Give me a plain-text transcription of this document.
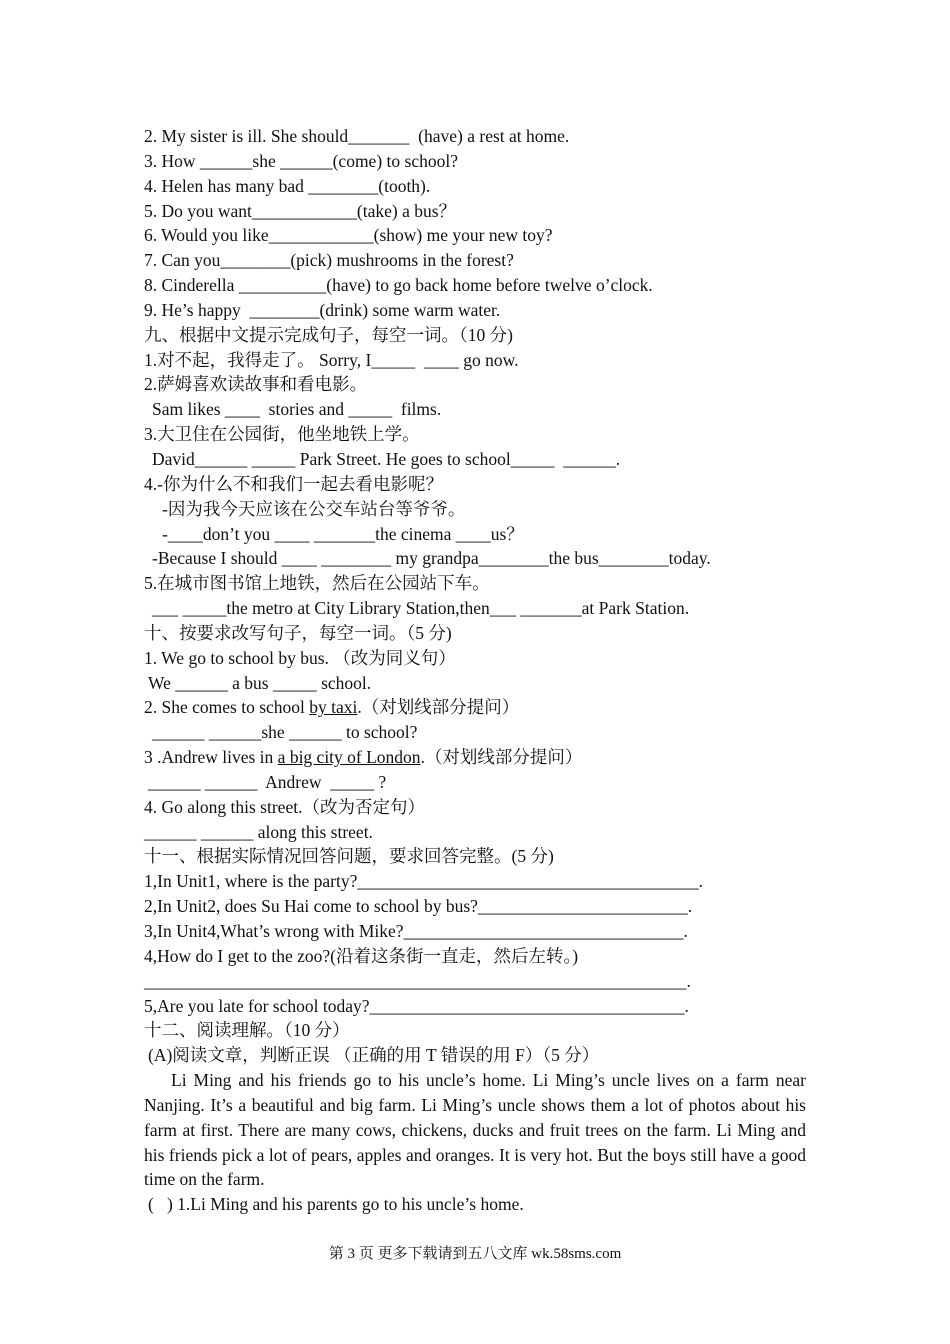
2. My sister is ill. She should_______  (have) a rest at home.
3. How ______she ______(come) to school?
4. Helen has many bad ________(tooth).
5. Do you want____________(take) a bus？
6. Would you like____________(show) me your new toy?
7. Can you________(pick) mushrooms in the forest?
8. Cinderella __________(have) to go back home before twelve o’clock.
9. He’s happy  ________(drink) some warm water.
九、根据中文提示完成句子，每空一词。（10 分)
1.对不起，我得走了。 Sorry, I_____  ____ go now.
2.萨姆喜欢读故事和看电影。
Sam likes ____  stories and _____  films.
3.大卫住在公园街，他坐地铁上学。
David______ _____ Park Street. He goes to school_____  ______.
4.-你为什么不和我们一起去看电影呢？
-因为我今天应该在公交车站台等爷爷。
-____don’t you ____ _______the cinema ____us？
-Because I should ____ ________ my grandpa________the bus________today.
5.在城市图书馆上地铁，然后在公园站下车。
___ _____the metro at City Library Station,then___ _______at Park Station.
十、按要求改写句子，每空一词。（5 分)
1. We go to school by bus. （改为同义句）
We ______ a bus _____ school.
2. She comes to school by taxi.（对划线部分提问）
______ ______she ______ to school?
3 .Andrew lives in a big city of London.（对划线部分提问）
______ ______  Andrew  _____ ?
4. Go along this street.（改为否定句）
______ ______ along this street.
十一、根据实际情况回答问题，要求回答完整。(5 分)
1,In Unit1, where is the party?_______________________________________.
2,In Unit2, does Su Hai come to school by bus?________________________.
3,In Unit4,What’s wrong with Mike?________________________________.
4,How do I get to the zoo?(沿着这条街一直走，然后左转。)
______________________________________________________________.
5,Are you late for school today?____________________________________.
十二、阅读理解。（10 分）
(A)阅读文章，判断正误 （正确的用 T 错误的用 F）（5 分）

Li Ming and his friends go to his uncle’s home. Li Ming’s uncle lives on a farm near Nanjing. It’s a beautiful and big farm. Li Ming’s uncle shows them a lot of photos about his farm at first. There are many cows, chickens, ducks and fruit trees on the farm. Li Ming and his friends pick a lot of pears, apples and oranges. It is very hot. But the boys still have a good time on the farm.

(   ) 1.Li Ming and his parents go to his uncle’s home.
第 3 页 更多下载请到五八文库 wk.58sms.com
